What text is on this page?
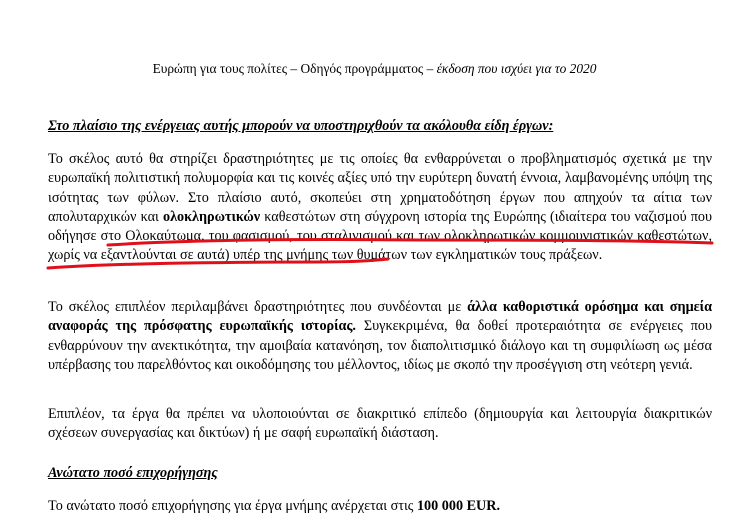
Ευρώπη για τους πολίτες – Οδηγός προγράμματος – έκδοση που ισχύει για το 2020
Στο πλαίσιο της ενέργειας αυτής μπορούν να υποστηριχθούν τα ακόλουθα είδη έργων:
Το σκέλος αυτό θα στηρίζει δραστηριότητες με τις οποίες θα ενθαρρύνεται ο προβληματισμός σχετικά με την ευρωπαϊκή πολιτιστική πολυμορφία και τις κοινές αξίες υπό την ευρύτερη δυνατή έννοια, λαμβανομένης υπόψη της ισότητας των φύλων. Στο πλαίσιο αυτό, σκοπεύει στη χρηματοδότηση έργων που απηχούν τα αίτια των απολυταρχικών και ολοκληρωτικών καθεστώτων στη σύγχρονη ιστορία της Ευρώπης (ιδιαίτερα του ναζισμού που οδήγησε στο Ολοκαύτωμα, του φασισμού, του σταλινισμού και των ολοκληρωτικών κομμουνιστικών καθεστώτων, χωρίς να εξαντλούνται σε αυτά) υπέρ της μνήμης των θυμάτων των εγκληματικών τους πράξεων.
Το σκέλος επιπλέον περιλαμβάνει δραστηριότητες που συνδέονται με άλλα καθοριστικά ορόσημα και σημεία αναφοράς της πρόσφατης ευρωπαϊκής ιστορίας. Συγκεκριμένα, θα δοθεί προτεραιότητα σε ενέργειες που ενθαρρύνουν την ανεκτικότητα, την αμοιβαία κατανόηση, τον διαπολιτισμικό διάλογο και τη συμφιλίωση ως μέσα υπέρβασης του παρελθόντος και οικοδόμησης του μέλλοντος, ιδίως με σκοπό την προσέγγιση στη νεότερη γενιά.
Επιπλέον, τα έργα θα πρέπει να υλοποιούνται σε διακριτικό επίπεδο (δημιουργία και λειτουργία διακριτικών σχέσεων συνεργασίας και δικτύων) ή με σαφή ευρωπαϊκή διάσταση.
Ανώτατο ποσό επιχορήγησης
Το ανώτατο ποσό επιχορήγησης για έργα μνήμης ανέρχεται στις 100 000 EUR.
